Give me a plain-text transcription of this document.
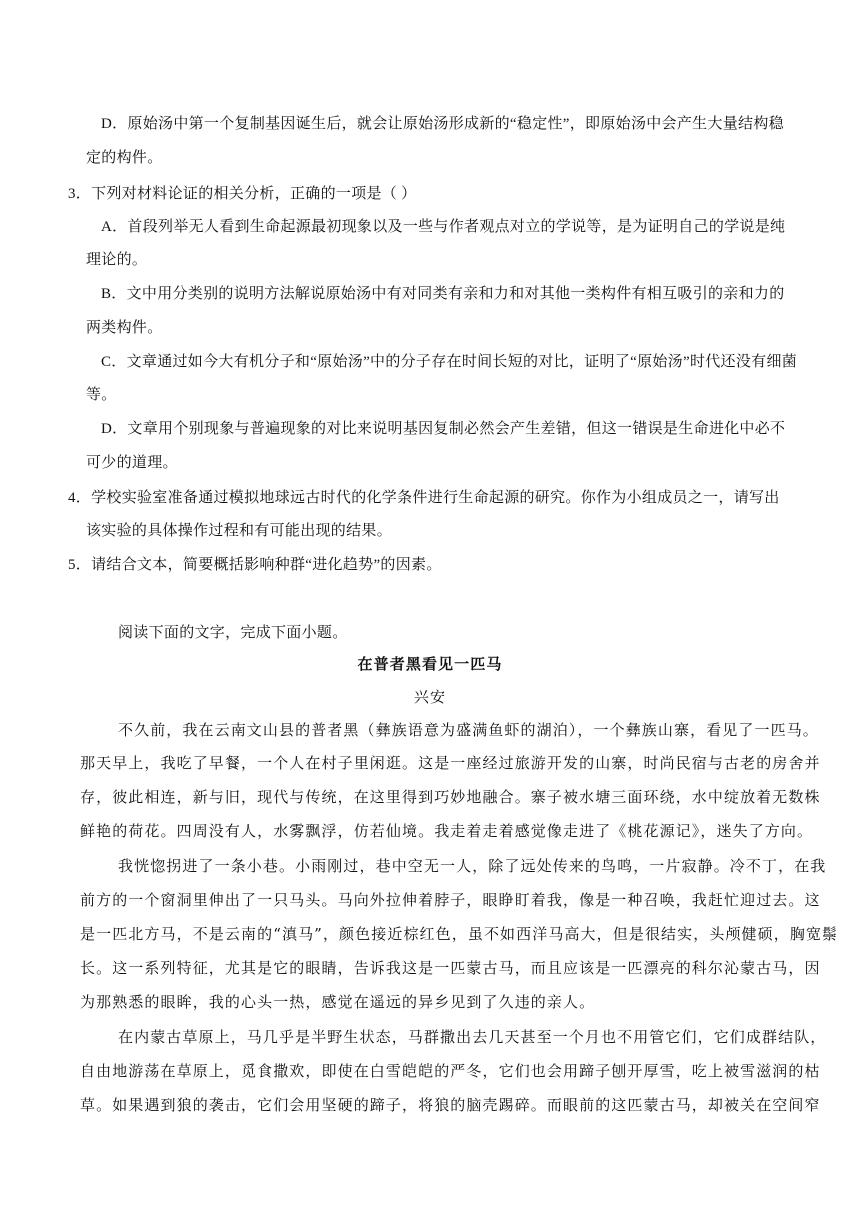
D．原始汤中第一个复制基因诞生后，就会让原始汤形成新的“稳定性”，即原始汤中会产生大量结构稳
定的构件。
3．下列对材料论证的相关分析，正确的一项是（ ）
A．首段列举无人看到生命起源最初现象以及一些与作者观点对立的学说等，是为证明自己的学说是纯
理论的。
B．文中用分类别的说明方法解说原始汤中有对同类有亲和力和对其他一类构件有相互吸引的亲和力的
两类构件。
C．文章通过如今大有机分子和“原始汤”中的分子存在时间长短的对比，证明了“原始汤”时代还没有细菌
等。
D．文章用个别现象与普遍现象的对比来说明基因复制必然会产生差错，但这一错误是生命进化中必不
可少的道理。
4．学校实验室准备通过模拟地球远古时代的化学条件进行生命起源的研究。你作为小组成员之一，请写出
该实验的具体操作过程和有可能出现的结果。
5．请结合文本，简要概括影响种群“进化趋势”的因素。
阅读下面的文字，完成下面小题。
在普者黑看见一匹马
兴安
不久前，我在云南文山县的普者黑（彝族语意为盛满鱼虾的湖泊），一个彝族山寨，看见了一匹马。
那天早上，我吃了早餐，一个人在村子里闲逛。这是一座经过旅游开发的山寨，时尚民宿与古老的房舍并
存，彼此相连，新与旧，现代与传统，在这里得到巧妙地融合。寨子被水塘三面环绕，水中绽放着无数株
鲜艳的荷花。四周没有人，水雾飘浮，仿若仙境。我走着走着感觉像走进了《桃花源记》，迷失了方向。
我恍惚拐进了一条小巷。小雨刚过，巷中空无一人，除了远处传来的鸟鸣，一片寂静。冷不丁，在我
前方的一个窗洞里伸出了一只马头。马向外拉伸着脖子，眼睁盯着我，像是一种召唤，我赶忙迎过去。这
是一匹北方马，不是云南的“滇马”，颜色接近棕红色，虽不如西洋马高大，但是很结实，头颅健硕，胸宽鬃
长。这一系列特征，尤其是它的眼睛，告诉我这是一匹蒙古马，而且应该是一匹漂亮的科尔沁蒙古马，因
为那熟悉的眼眸，我的心头一热，感觉在遥远的异乡见到了久违的亲人。
在内蒙古草原上，马几乎是半野生状态，马群撒出去几天甚至一个月也不用管它们，它们成群结队，
自由地游荡在草原上，觅食撒欢，即使在白雪皑皑的严冬，它们也会用蹄子刨开厚雪，吃上被雪滋润的枯
草。如果遇到狼的袭击，它们会用坚硬的蹄子，将狼的脑壳踢碎。而眼前的这匹蒙古马，却被关在空间窄
